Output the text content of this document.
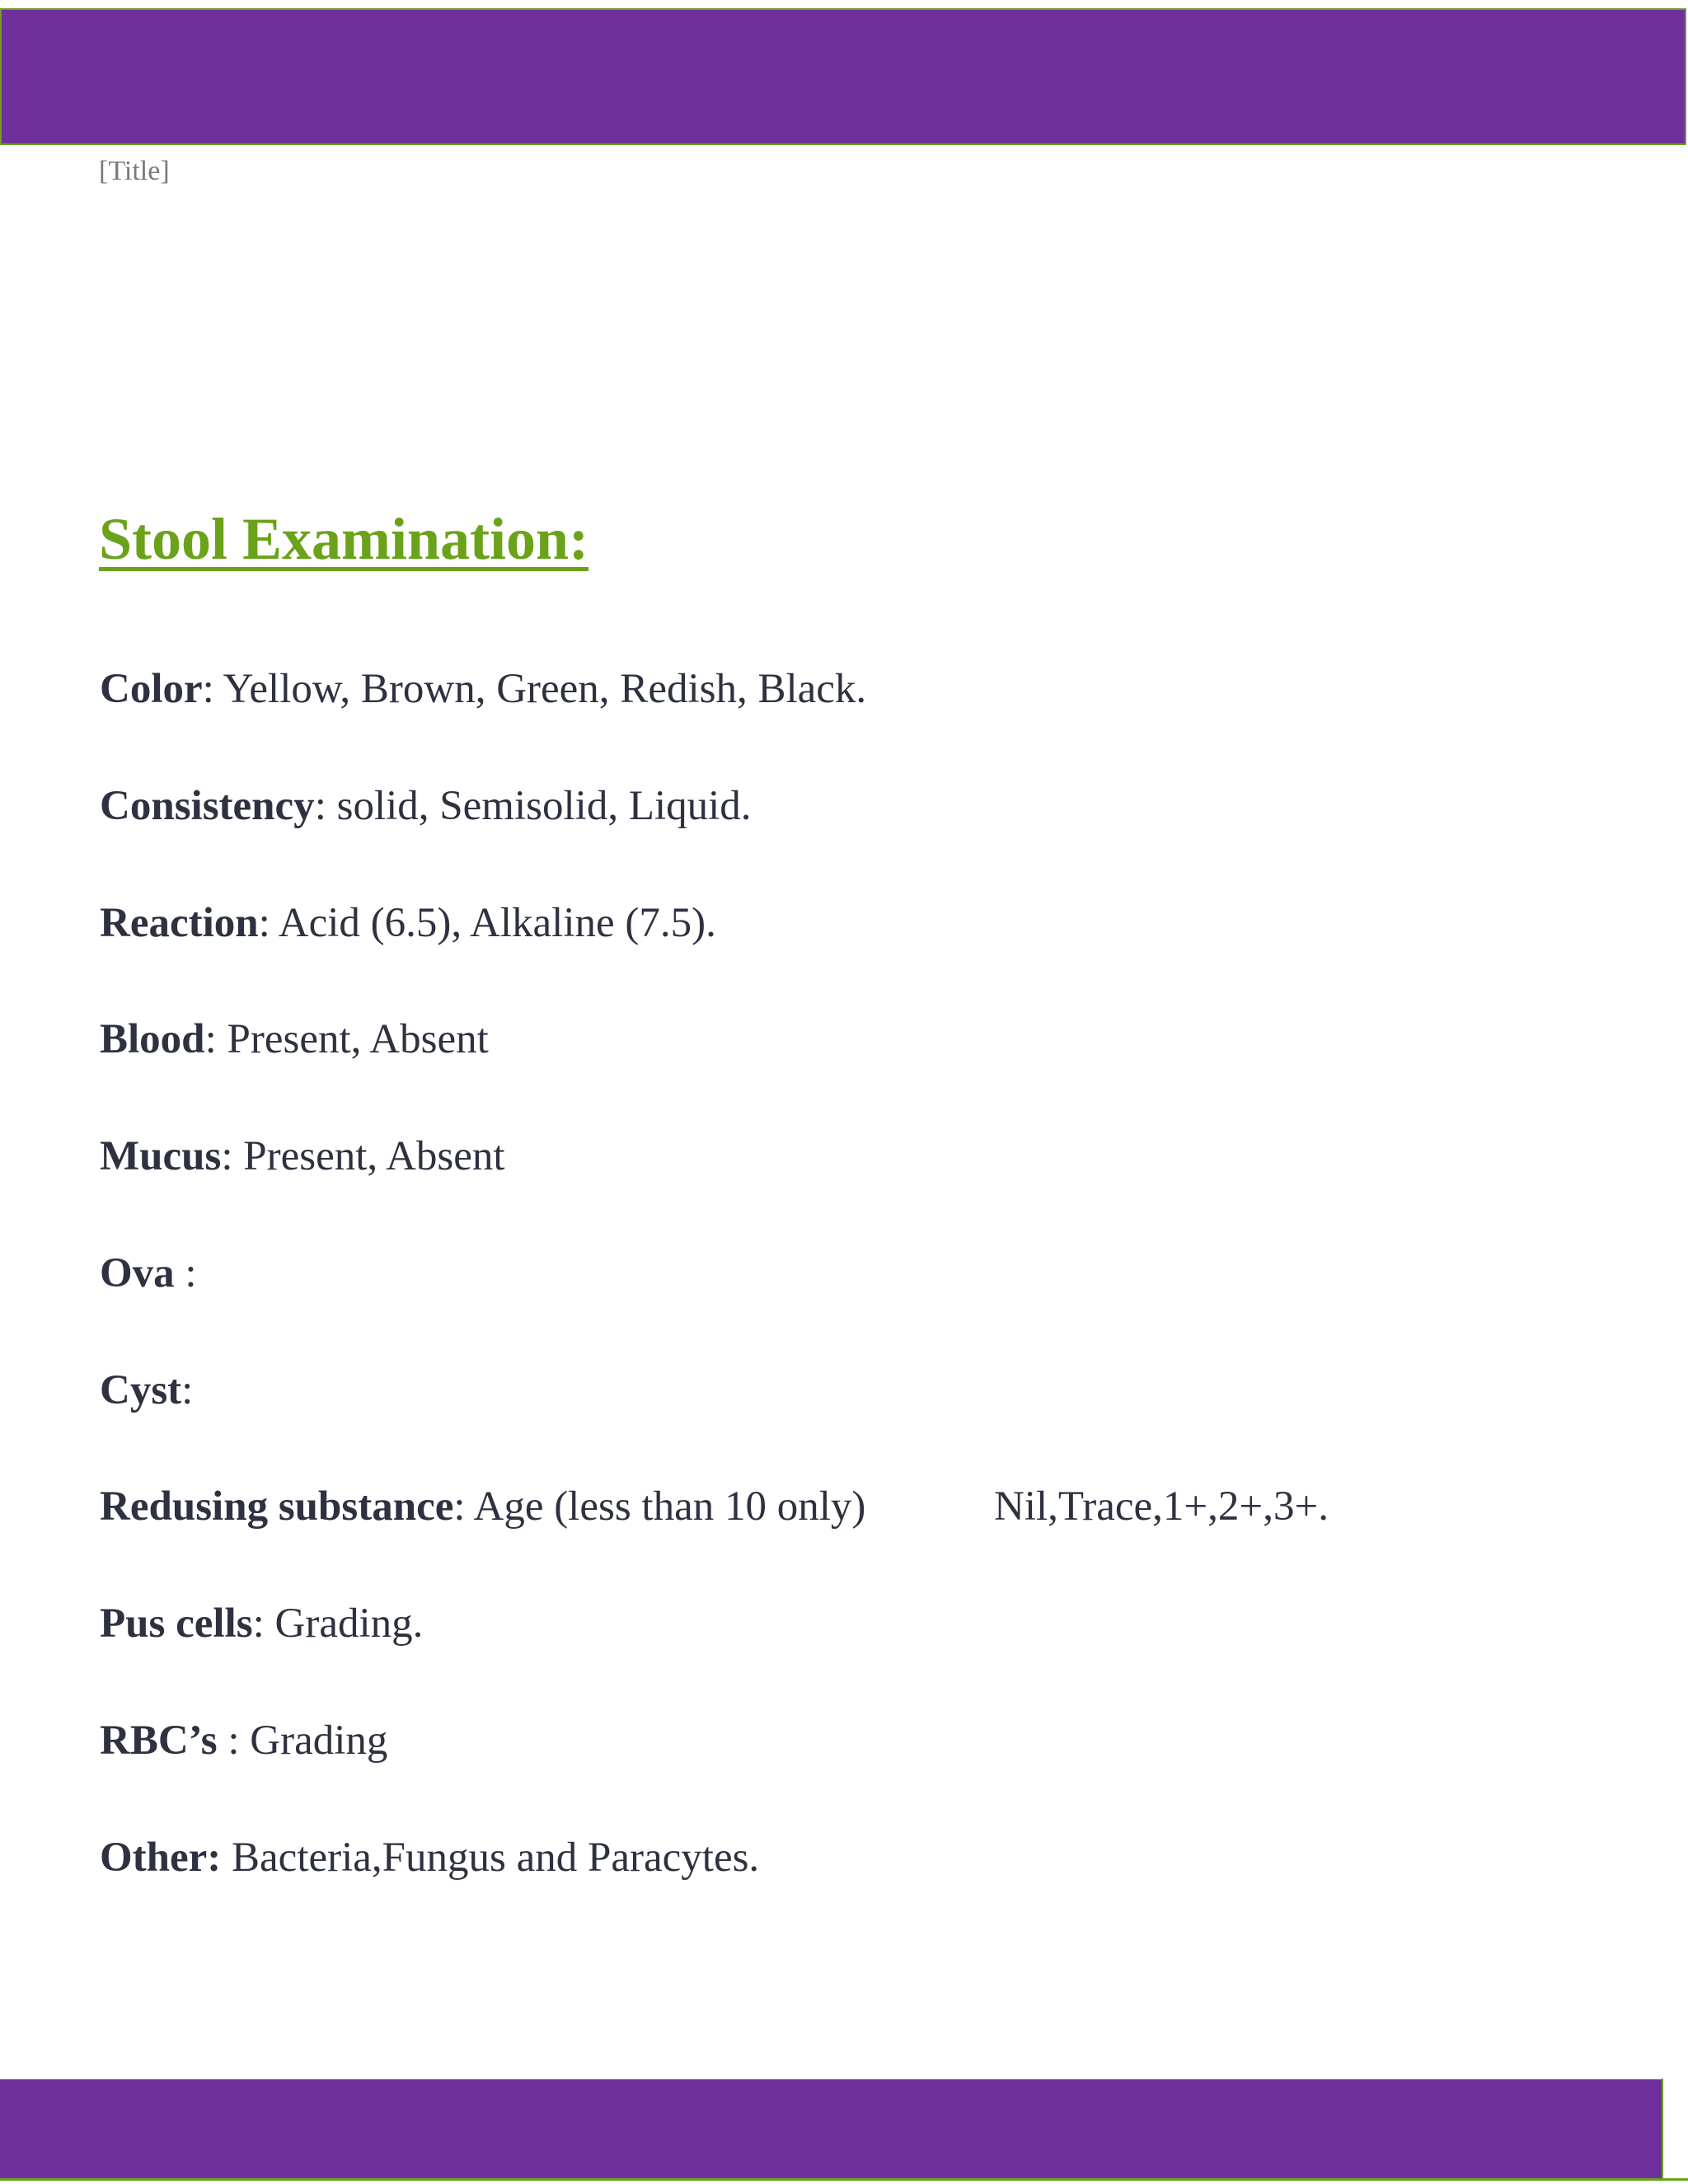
[Title]
Stool Examination:
Color: Yellow, Brown, Green, Redish, Black.
Consistency: solid, Semisolid, Liquid.
Reaction: Acid (6.5), Alkaline (7.5).
Blood: Present, Absent
Mucus: Present, Absent
Ova :
Cyst:
Redusing substance: Age (less than 10 only)	Nil,Trace,1+,2+,3+.
Pus cells: Grading.
RBC’s : Grading
Other: Bacteria,Fungus and Paracytes.
